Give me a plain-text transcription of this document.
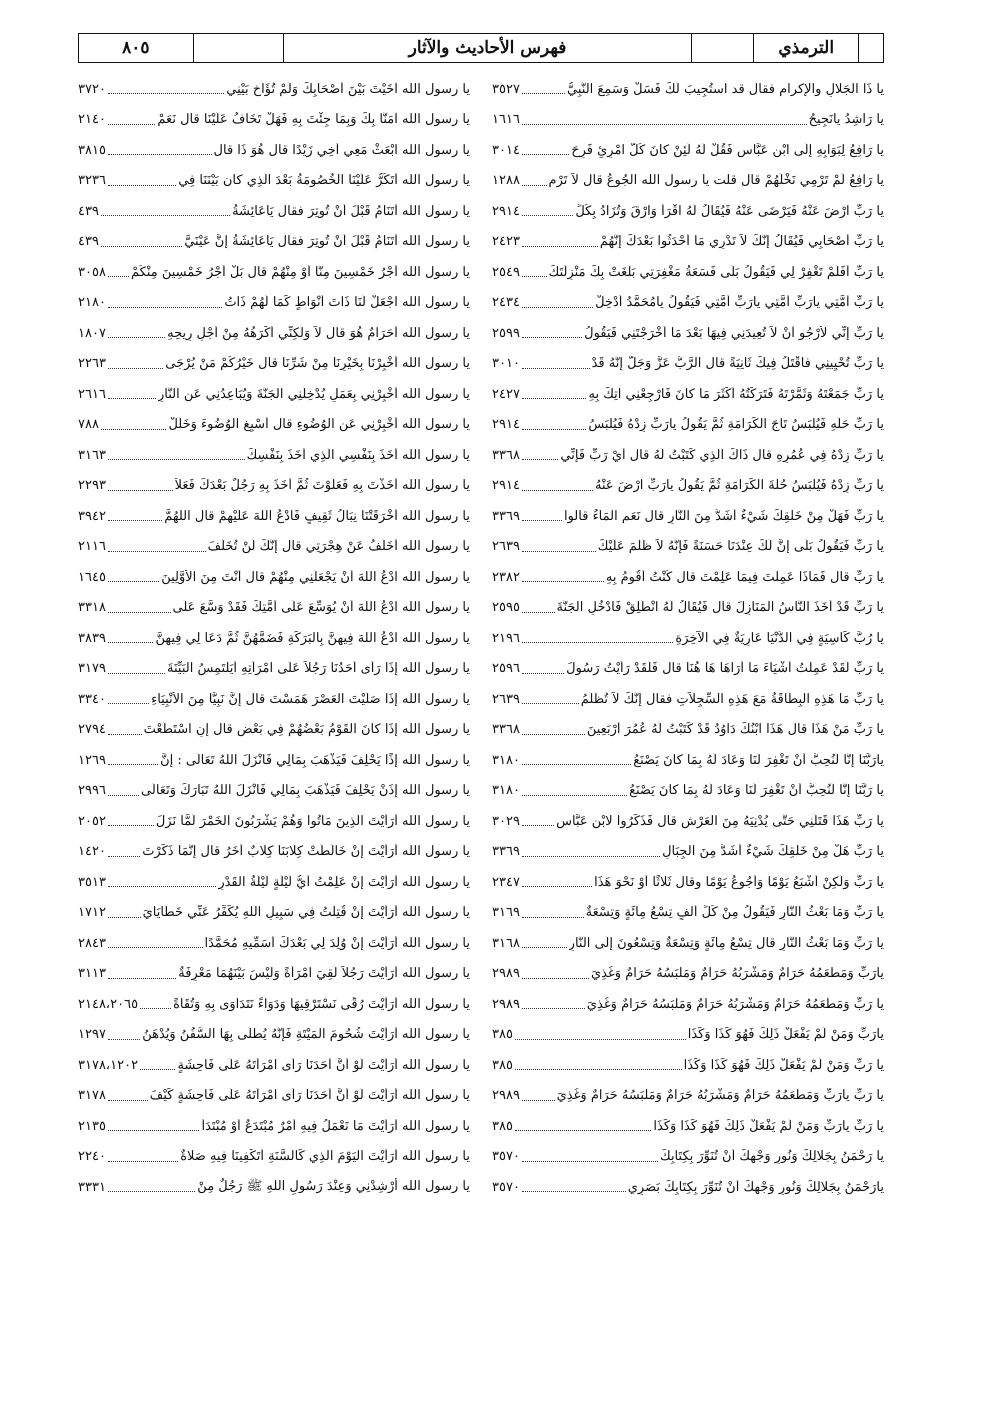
الترمذي
فهرس الأحاديث والآثار
٨٠٥
يا ذَا الجَلالِ والإِكرامِ فقال قد استُجِيبَ لَكَ فَسَلْ وَسَمِعَ النَّبِيُّ
٣٥٢٧
يا رَاشِدُ يانَجِيحُ
١٦١٦
يا رَافِعُ لِبَوَابِهِ إِلَى ابْنِ عَبَّاسٍ فَقُلْ لَهُ لَئِنْ كانَ كُلُّ امْرِئٍ فَرِحَ
٣٠١٤
يا رَافِعُ لَمْ تَرْمِي نَخْلَهُمْ قال قلت يا رسول الله الجُوعُ قال لاَ تَرْمِ
١٢٨٨
يا رَبِّ ارْضَ عَنْهُ فَيَرْضَى عَنْهُ فَيُقَالُ لَهُ اقْرَأْ وَارْقَ وَتُزَادُ بِكُلِّ
٢٩١٤
يا رَبِّ أَصْحَابِي فَيُقَالُ إِنَّكَ لاَ تَدْرِي مَا أَحْدَثُوا بَعْدَكَ إِنَّهُمْ
٢٤٢٣
يا رَبِّ أَفَلَمْ تَغْفِرْ لِي فَيَقُولُ بَلَى فَسَعَةُ مَغْفِرَتِي بَلَغَتْ بِكَ مَنْزِلَتَكَ
٢٥٤٩
يا رَبِّ أُمَّتِي يارَبِّ أُمَّتِي يارَبِّ أُمَّتِي فَيَقُولُ يامُحَمَّدُ أَدْخِلْ
٢٤٣٤
يا رَبِّ إِنِّي لأَرْجُو أَنْ لاَ تُعِيدَنِي فِيهَا بَعْدَ مَا أَخْرَجْتَنِي فَيَقُولُ
٢٥٩٩
يا رَبِّ تُحْيِينِي فأُقْتَلُ فِيكَ ثَانِيَةً قال الرَّبُّ عَزَّ وَجَلَّ إِنَّهُ قَدْ
٣٠١٠
يا رَبِّ جَمَعْتَهُ وَثَمَّرْتَهُ فَتَرَكْتُهُ أَكْثَرَ مَا كانَ فَارْجِعْنِي آتِكَ بِهِ
٢٤٢٧
يا رَبِّ حَلِّهِ فَيُلْبَسُ تَاجَ الكَرَامَةِ ثُمَّ يَقُولُ يارَبِّ زِدْهُ فَيُلْبَسُ
٢٩١٤
يا رَبِّ زِدْهُ فِي عُمُرِهِ قال ذَاكَ الَّذِي كَتَبْتُ لَهُ قال أَيْ رَبِّ فَإِنِّي
٣٣٦٨
يا رَبِّ زِدْهُ فَيُلْبَسُ حُلَّةَ الكَرَامَةِ ثُمَّ يَقُولُ يارَبِّ ارْضَ عَنْهُ
٢٩١٤
يا رَبِّ فَهَلْ مِنْ خَلْقِكَ شَيْءٌ أَشَدُّ مِنَ النَّارِ قال نَعَمِ المَاءُ قالوا
٣٣٦٩
يا رَبِّ فَيَقُولُ بَلَى إِنَّ لَكَ عِنْدَنَا حَسَنَةً فَإِنَّهُ لاَ ظُلْمَ عَلَيْكَ
٢٦٣٩
يا رَبِّ قال فَمَاذَا عَمِلْتَ فِيمَا عَلِمْتَ قال كُنْتُ أَقُومُ بِهِ
٢٣٨٢
يا رَبِّ قَدْ أَخَذَ النَّاسُ المَنَازِلَ قال فَيُقَالُ لَهُ انْطَلِقْ فَادْخُلِ الجَنَّةَ
٢٥٩٥
يا رُبَّ كَاسِيَةٍ فِي الدُّنْيَا عَارِيَةٌ فِي الآخِرَةِ
٢١٩٦
يا رَبِّ لَقَدْ عَمِلْتُ أَشْيَاءَ مَا أَرَاهَا هَا هُنَا قال فَلَقَدْ رَأَيْتُ رَسُولَ
٢٥٩٦
يا رَبِّ مَا هَذِهِ البِطَاقَةُ مَعَ هَذِهِ السِّجِلاَّتِ فقال إِنَّكَ لاَ تُظْلَمُ
٢٦٣٩
يا رَبِّ مَنْ هَذَا قال هَذَا ابْنُكَ دَاوُدُ قَدْ كَتَبْتُ لَهُ عُمُرَ أَرْبَعِينَ
٣٣٦٨
يارَبَّنَا إِنَّا لَنُحِبُّ أَنْ تَغْفِرَ لَنَا وَعَادَ لَهُ بِمَا كانَ يَصْنَعُ
٣١٨٠
يا رَبَّنَا إِنَّا لَنُحِبُّ أَنْ تَغْفِرَ لَنَا وَعَادَ لَهُ بِمَا كانَ يَصْنَعُ
٣١٨٠
يا رَبِّ هَذَا قَتَلَنِي حَتَّى يُدْنِيَهُ مِنَ العَرْشِ قال فَذَكَرُوا لابْنِ عَبَّاسٍ
٣٠٢٩
يا رَبِّ هَلْ مِنْ خَلْقِكَ شَيْءٌ أَشَدُّ مِنَ الجِبَالِ
٣٣٦٩
يا رَبِّ وَلَكِنْ أَشْبَعُ يَوْمًا وَأَجُوعُ يَوْمًا وقال ثَلاثًا أَوْ نَحْوَ هَذَا
٢٣٤٧
يا رَبِّ وَمَا بَعْثُ النَّارِ فَيَقُولُ مِنْ كُلِّ أَلْفٍ تِسْعُ مِائَةٍ وَتِسْعَةٌ
٣١٦٩
يا رَبِّ وَمَا بَعْثُ النَّارِ قال تِسْعُ مِائَةٍ وَتِسْعَةٌ وَتِسْعُونَ إِلَى النَّارِ
٣١٦٨
يارَبِّ وَمَطْعَمُهُ حَرَامٌ وَمَشْرَبُهُ حَرَامٌ وَمَلْبَسُهُ حَرَامٌ وَغُذِيَ
٢٩٨٩
يا رَبِّ وَمَطْعَمُهُ حَرَامٌ وَمَشْرَبُهُ حَرَامٌ وَمَلْبَسُهُ حَرَامٌ وَغُذِيَ
٢٩٨٩
يارَبِّ وَمَنْ لَمْ يَفْعَلْ ذَلِكَ فَهُوَ كَذَا وَكَذَا
٣٨٥
يا رَبِّ وَمَنْ لَمْ يَفْعَلْ ذَلِكَ فَهُوَ كَذَا وَكَذَا
٣٨٥
يا رَبِّ يارَبِّ وَمَطْعَمُهُ حَرَامٌ وَمَشْرَبُهُ حَرَامٌ وَمَلْبَسُهُ حَرَامٌ وَغُذِيَ
٢٩٨٩
يا رَبِّ يارَبِّ وَمَنْ لَمْ يَفْعَلْ ذَلِكَ فَهُوَ كَذَا وَكَذَا
٣٨٥
يا رَحْمَنُ بِجَلالِكَ وَنُورِ وَجْهِكَ أَنْ تُنَوِّرَ بِكِتَابِكَ
٣٥٧٠
يارَحْمَنُ بِجَلالِكَ وَنُورِ وَجْهِكَ أَنْ تُنَوِّرَ بِكِتَابِكَ بَصَرِي
٣٥٧٠
يا رسول الله آخَيْتَ بَيْنَ أَصْحَابِكَ وَلَمْ تُؤَاخِ بَيْنِي
٣٧٢٠
يا رسول الله آمَنَّا بِكَ وَبِمَا جِئْتَ بِهِ فَهَلْ تَخَافُ عَلَيْنَا قال نَعَمْ
٢١٤٠
يا رسول الله ابْعَثْ مَعِي أَخِي زَيْدًا قال هُوَ ذَا قال
٣٨١٥
يا رسول الله أَتَكُرُّ عَلَيْنَا الخُصُومَةُ بَعْدَ الَّذِي كان بَيْنَنَا فِي
٣٢٣٦
يا رسول الله أَتَنَامُ قَبْلَ أَنْ تُوتِرَ فقال يَاعَائِشَةُ
٤٣٩
يا رسول الله أَتَنَامُ قَبْلَ أَنْ تُوتِرَ فقال يَاعَائِشَةُ إِنَّ عَيْنَيَّ
٤٣٩
يا رسول الله أَجْرُ خَمْسِينَ مِنَّا أَوْ مِنْهُمْ قال بَلْ أَجْرُ خَمْسِينَ مِنْكُمْ
٣٠٥٨
يا رسول الله اجْعَلْ لَنَا ذَاتَ أَنْوَاطٍ كَمَا لَهُمْ ذَاتُ
٢١٨٠
يا رسول الله أَحَرَامٌ هُوَ قال لاَ وَلَكِنِّي أَكْرَهُهُ مِنْ أَجْلِ رِيحِهِ
١٨٠٧
يا رسول الله أَخْبِرْنَا بِخَيْرِنَا مِنْ شَرِّنَا قال خَيْرُكُمْ مَنْ يُرْجَى
٢٢٦٣
يا رسول الله أَخْبِرْنِي بِعَمَلٍ يُدْخِلُنِي الجَنَّةَ وَيُبَاعِدُنِي عَنِ النَّارِ
٢٦١٦
يا رسول الله أَخْبِرْنِي عَنِ الوُضُوءِ قال أَسْبِغِ الوُضُوءَ وَخَلِّلْ
٧٨٨
يا رسول الله أَخَذَ بِنَفْسِي الَّذِي أَخَذَ بِنَفْسِكَ
٣١٦٣
يا رسول الله أَخَذْتَ بِهِ فَعَلَوْتَ ثُمَّ أَخَذَ بِهِ رَجُلٌ بَعْدَكَ فَعَلاَ
٢٢٩٣
يا رسول الله أَخْرَقَتْنَا نِبَالُ ثَقِيفٍ فَادْعُ اللهَ عَلَيْهِمْ قال اللَّهُمَّ
٣٩٤٢
يا رسول الله أُخَلَّفُ عَنْ هِجْرَتِي قال إِنَّكَ لَنْ تُخَلَّفَ
٢١١٦
يا رسول الله ادْعُ اللهَ أَنْ يَجْعَلَنِي مِنْهُمْ قال أَنْتَ مِنَ الأَوَّلِينَ
١٦٤٥
يا رسول الله ادْعُ اللهَ أَنْ يُوَسِّعَ عَلَى أُمَّتِكَ فَقَدْ وَسَّعَ عَلَى
٣٣١٨
يا رسول الله ادْعُ اللهَ فِيهِنَّ بِالبَرَكَةِ فَضَمَّهُنَّ ثُمَّ دَعَا لِي فِيهِنَّ
٣٨٣٩
يا رسول الله إِذَا رَأَى أَحَدُنَا رَجُلاً عَلَى امْرَأَتِهِ أَيَلْتَمِسُ البَيِّنَةَ
٣١٧٩
يا رسول الله إِذَا صَلَّيْتَ العَصْرَ هَمَسْتَ قال إِنَّ نَبِيًّا مِنَ الأَنْبِيَاءِ
٣٣٤٠
يا رسول الله إِذَا كانَ القَوْمُ بَعْضُهُمْ فِي بَعْضٍ قال إِنِ اسْتَطَعْتَ
٢٧٩٤
يا رسول الله إِذًا يَحْلِفَ فَيَذْهَبَ بِمَالِي فَأَنْزَلَ اللهُ تَعَالَى : إِنَّ
١٢٦٩
يا رسول الله إِذَنْ يَحْلِفَ فَيَذْهَبَ بِمَالِي فَأَنْزَلَ اللهُ تَبَارَكَ وَتَعَالَى
٢٩٩٦
يا رسول الله أَرَأَيْتَ الَّذِينَ مَاتُوا وَهُمْ يَشْرَبُونَ الخَمْرَ لَمَّا نَزَلَ
٢٠٥٢
يا رسول الله أَرَأَيْتَ إِنْ خَالَطَتْ كِلابَنَا كِلابٌ أُخَرُ قال إِنَّمَا ذَكَرْتَ
١٤٢٠
يا رسول الله أَرَأَيْتَ إِنْ عَلِمْتُ أَيُّ لَيْلَةٍ لَيْلَةُ القَدْرِ
٣٥١٣
يا رسول الله أَرَأَيْتَ إِنْ قُتِلْتُ فِي سَبِيلِ اللهِ يُكَفِّرُ عَنِّي خَطَايَايَ
١٧١٢
يا رسول الله أَرَأَيْتَ إِنْ وُلِدَ لِي بَعْدَكَ أُسَمِّيهِ مُحَمَّدًا
٢٨٤٣
يا رسول الله أَرَأَيْتَ رَجُلاً لَقِيَ امْرَأَةً وَلَيْسَ بَيْنَهُمَا مَعْرِفَةٌ
٣١١٣
يا رسول الله أَرَأَيْتَ رُقًى نَسْتَرْقِيهَا وَدَوَاءً نَتَدَاوَى بِهِ وَتُقَاةً
٢١٤٨،٢٠٦٥
يا رسول الله أَرَأَيْتَ شُحُومَ المَيْتَةِ فَإِنَّهُ يُطْلَى بِهَا السُّفُنُ وَيُدْهَنُ
١٢٩٧
يا رسول الله أَرَأَيْتَ لَوْ أَنَّ أَحَدَنَا رَأَى امْرَأَتَهُ عَلَى فَاحِشَةٍ
٣١٧٨،١٢٠٢
يا رسول الله أَرَأَيْتَ لَوْ أَنَّ أَحَدَنَا رَأَى امْرَأَتَهُ عَلَى فَاحِشَةٍ كَيْفَ
٣١٧٨
يا رسول الله أَرَأَيْتَ مَا نَعْمَلُ فِيهِ أَمْرٌ مُبْتَدَعٌ أَوْ مُبْتَدَأٌ
٢١٣٥
يا رسول الله أَرَأَيْتَ اليَوْمَ الَّذِي كَالسَّنَةِ أَتَكْفِينَا فِيهِ صَلاةٌ
٢٢٤٠
يا رسول الله أَرْشِدْنِي وَعِنْدَ رَسُولِ اللهِ ﷺ رَجُلٌ مِنْ
٣٣٣١
